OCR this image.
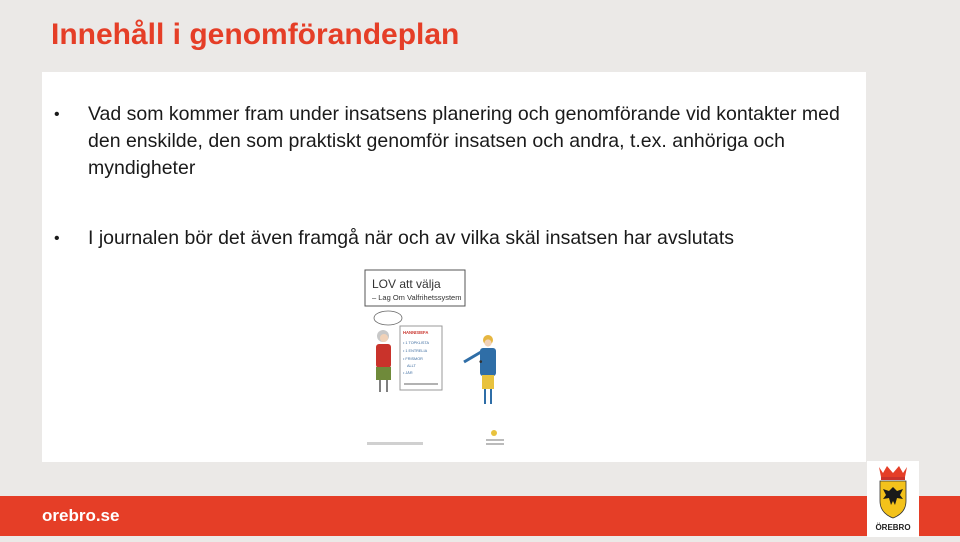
Innehåll i genomförandeplan
• Vad som kommer fram under insatsens planering och genomförande vid kontakter med den enskilde, den som praktiskt genomför insatsen och andra, t.ex. anhöriga och myndigheter
• I journalen bör det även framgå när och av vilka skäl insatsen har avslutats
LOV att välja
– Lag Om Valfrihetssystem
HANNISIEFA
• 1 TOPKLISTA
• 1 ENTRELIA
• FRISMOR
ALLT
• JÄR
•
orebro.se
ÖREBRO
